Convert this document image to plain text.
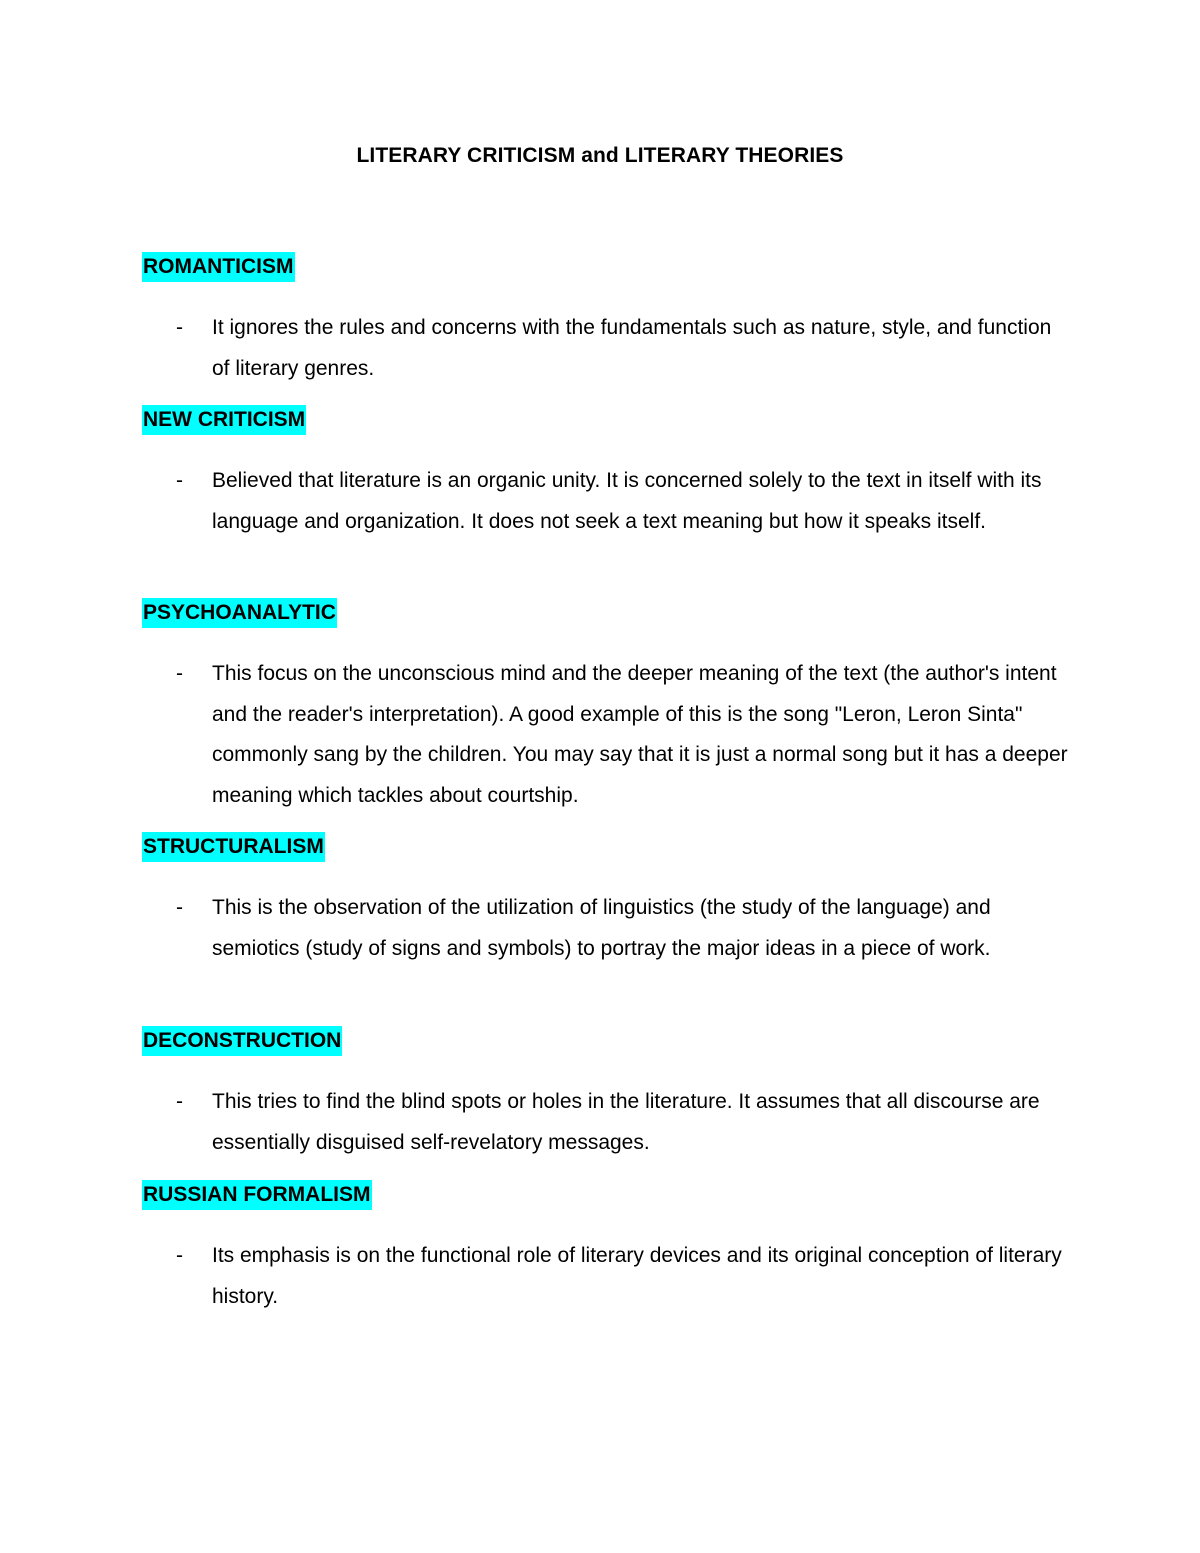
LITERARY CRITICISM and LITERARY THEORIES
ROMANTICISM
- It ignores the rules and concerns with the fundamentals such as nature, style, and function of literary genres.
NEW CRITICISM
- Believed that literature is an organic unity. It is concerned solely to the text in itself with its language and organization. It does not seek a text meaning but how it speaks itself.
PSYCHOANALYTIC
- This focus on the unconscious mind and the deeper meaning of the text (the author's intent and the reader's interpretation). A good example of this is the song "Leron, Leron Sinta" commonly sang by the children. You may say that it is just a normal song but it has a deeper meaning which tackles about courtship.
STRUCTURALISM
- This is the observation of the utilization of linguistics (the study of the language) and semiotics (study of signs and symbols) to portray the major ideas in a piece of work.
DECONSTRUCTION
- This tries to find the blind spots or holes in the literature. It assumes that all discourse are essentially disguised self-revelatory messages.
RUSSIAN FORMALISM
- Its emphasis is on the functional role of literary devices and its original conception of literary history.
